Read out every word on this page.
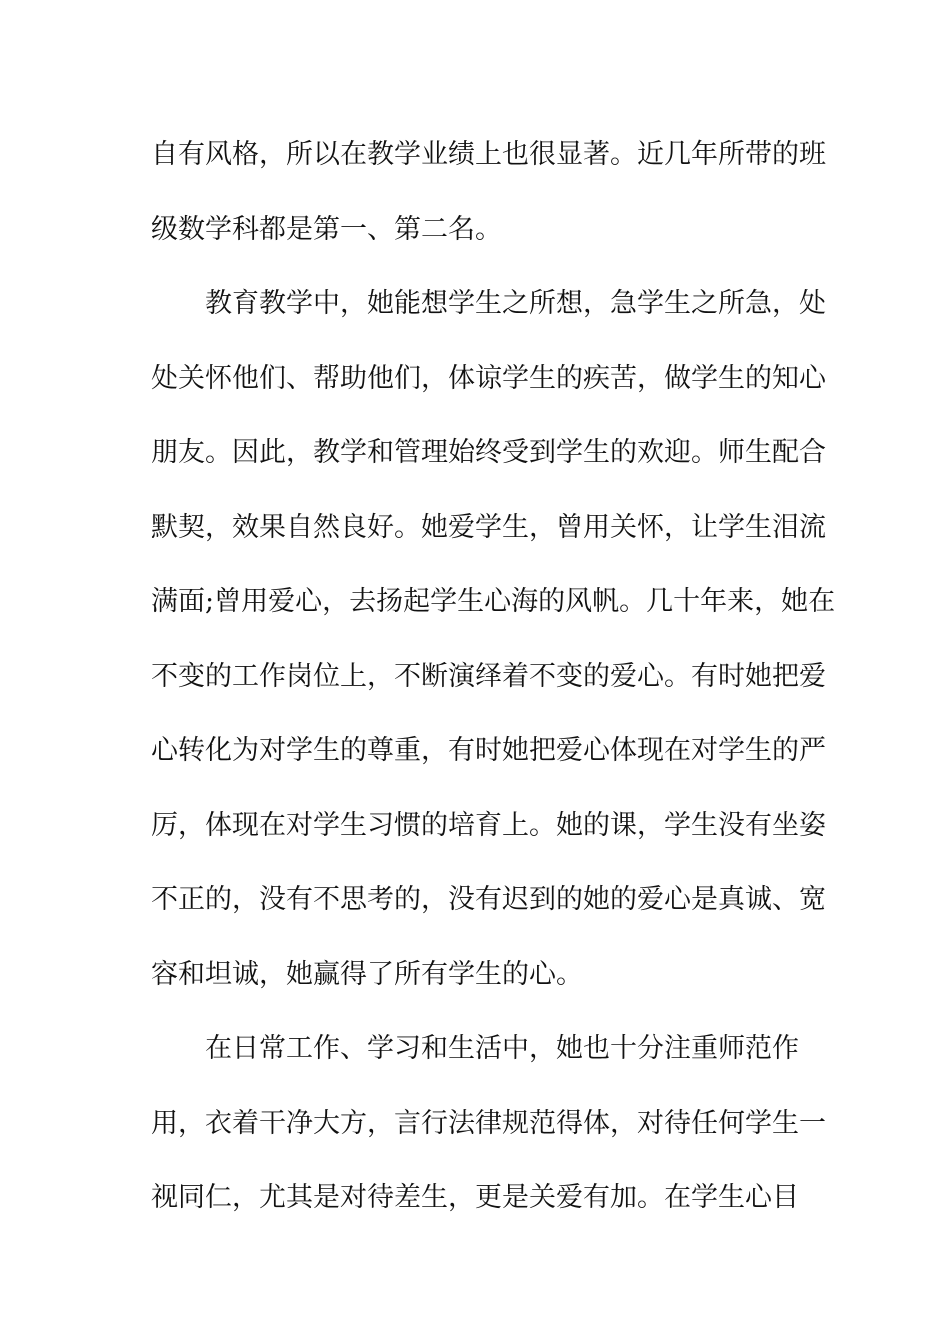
自有风格，所以在教学业绩上也很显著。近几年所带的班
级数学科都是第一、第二名。
教育教学中，她能想学生之所想，急学生之所急，处
处关怀他们、帮助他们，体谅学生的疾苦，做学生的知心
朋友。因此，教学和管理始终受到学生的欢迎。师生配合
默契，效果自然良好。她爱学生，曾用关怀，让学生泪流
满面;曾用爱心，去扬起学生心海的风帆。几十年来，她在
不变的工作岗位上，不断演绎着不变的爱心。有时她把爱
心转化为对学生的尊重，有时她把爱心体现在对学生的严
厉，体现在对学生习惯的培育上。她的课，学生没有坐姿
不正的，没有不思考的，没有迟到的她的爱心是真诚、宽
容和坦诚，她赢得了所有学生的心。
在日常工作、学习和生活中，她也十分注重师范作
用，衣着干净大方，言行法律规范得体，对待任何学生一
视同仁，尤其是对待差生，更是关爱有加。在学生心目
